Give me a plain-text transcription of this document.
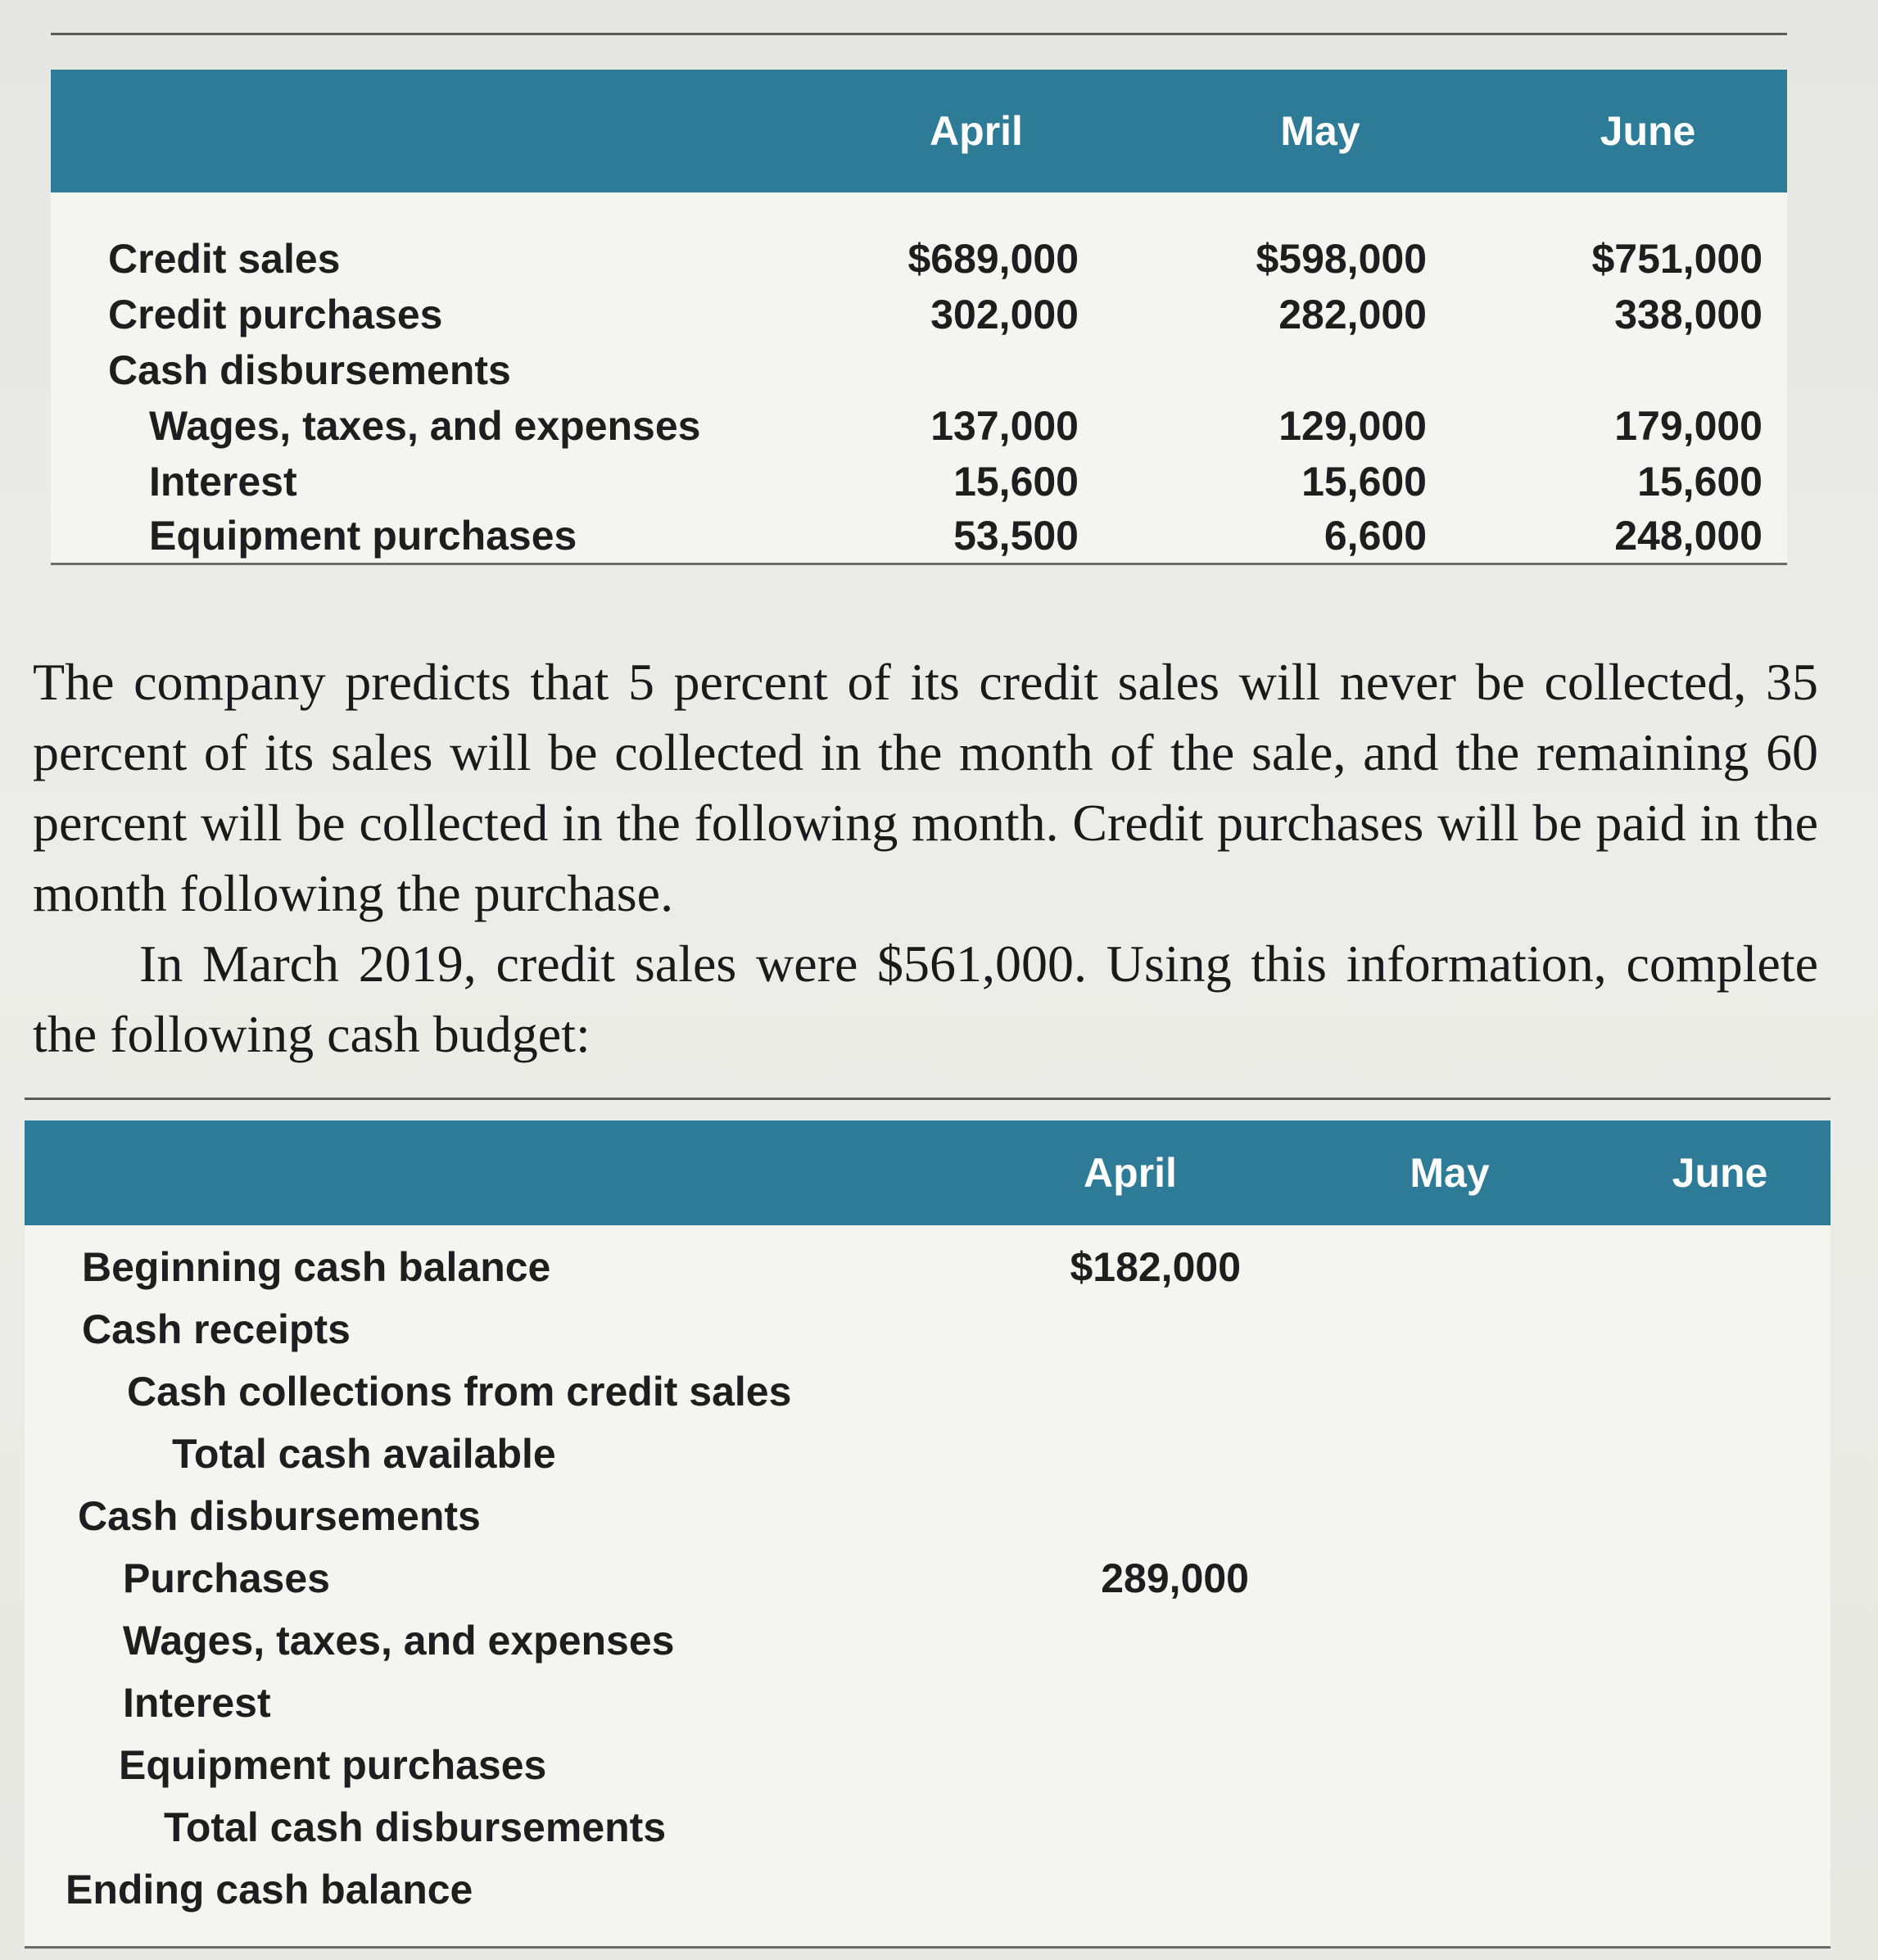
April	May	June
Credit sales	$689,000	$598,000	$751,000
Credit purchases	302,000	282,000	338,000
Cash disbursements
Wages, taxes, and expenses	137,000	129,000	179,000
Interest	15,600	15,600	15,600
Equipment purchases	53,500	6,600	248,000

The company predicts that 5 percent of its credit sales will never be collected, 35 percent of its sales will be collected in the month of the sale, and the remaining 60 percent will be collected in the following month. Credit purchases will be paid in the month following the purchase.

In March 2019, credit sales were $561,000. Using this information, complete the following cash budget:

April	May	June
Beginning cash balance	$182,000
Cash receipts
Cash collections from credit sales
Total cash available
Cash disbursements
Purchases	289,000
Wages, taxes, and expenses
Interest
Equipment purchases
Total cash disbursements
Ending cash balance
